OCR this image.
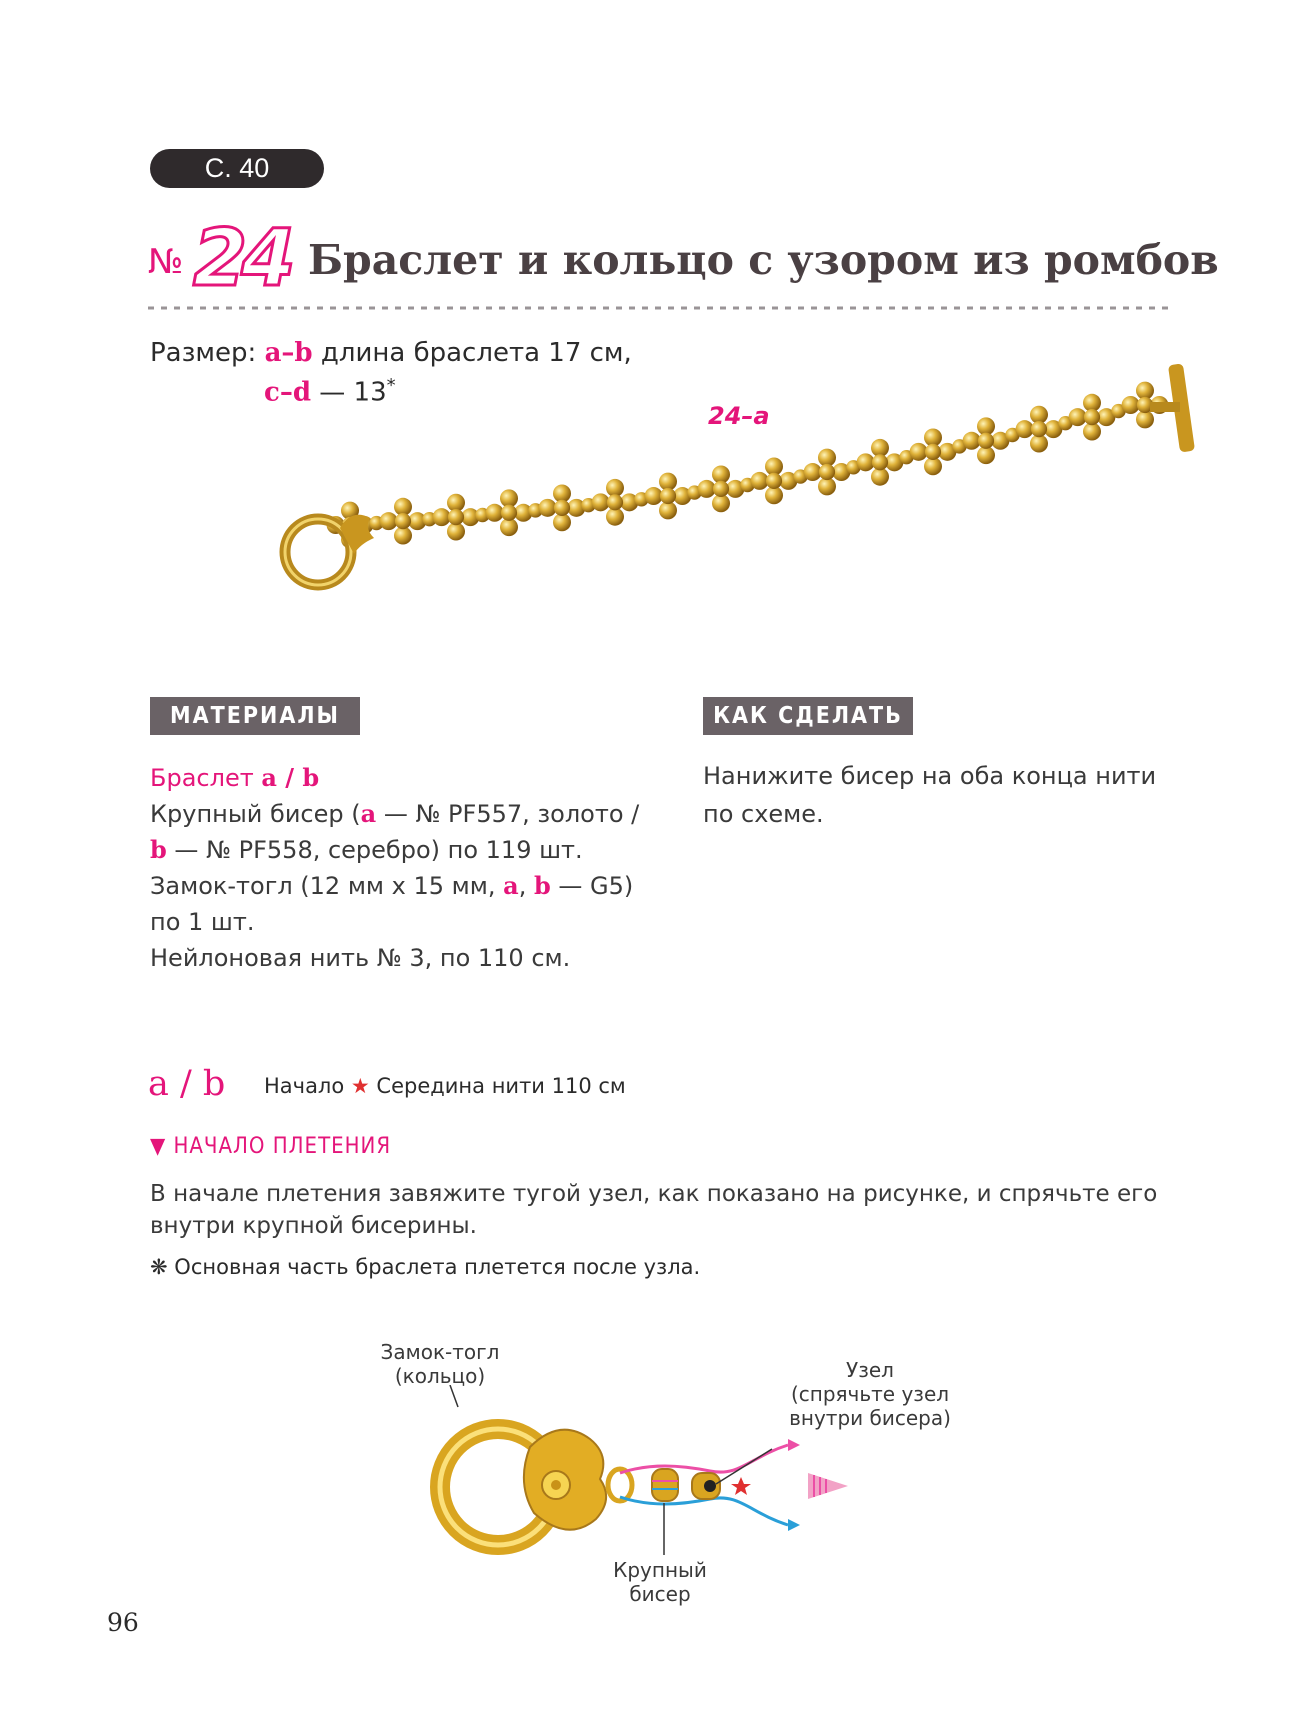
С. 40
№ 24 Браслет и кольцо с узором из ромбов
Размер: a–b длина браслета 17 см,
c–d — 13*
24–a
МАТЕРИАЛЫ
Браслет a / b
Крупный бисер (a — № PF557, золото /
b — № PF558, серебро) по 119 шт.
Замок-тогл (12 мм x 15 мм, a, b — G5)
по 1 шт.
Нейлоновая нить № 3, по 110 см.
КАК СДЕЛАТЬ
Нанижите бисер на оба конца нити по схеме.
a / b Начало ★ Середина нити 110 см
▼ НАЧАЛО ПЛЕТЕНИЯ
В начале плетения завяжите тугой узел, как показано на рисунке, и спрячьте его внутри крупной бисерины.
❋ Основная часть браслета плетется после узла.
Замок-тогл
(кольцо)	Узел
(спрячьте узел
внутри бисера)
Крупный
бисер
96
